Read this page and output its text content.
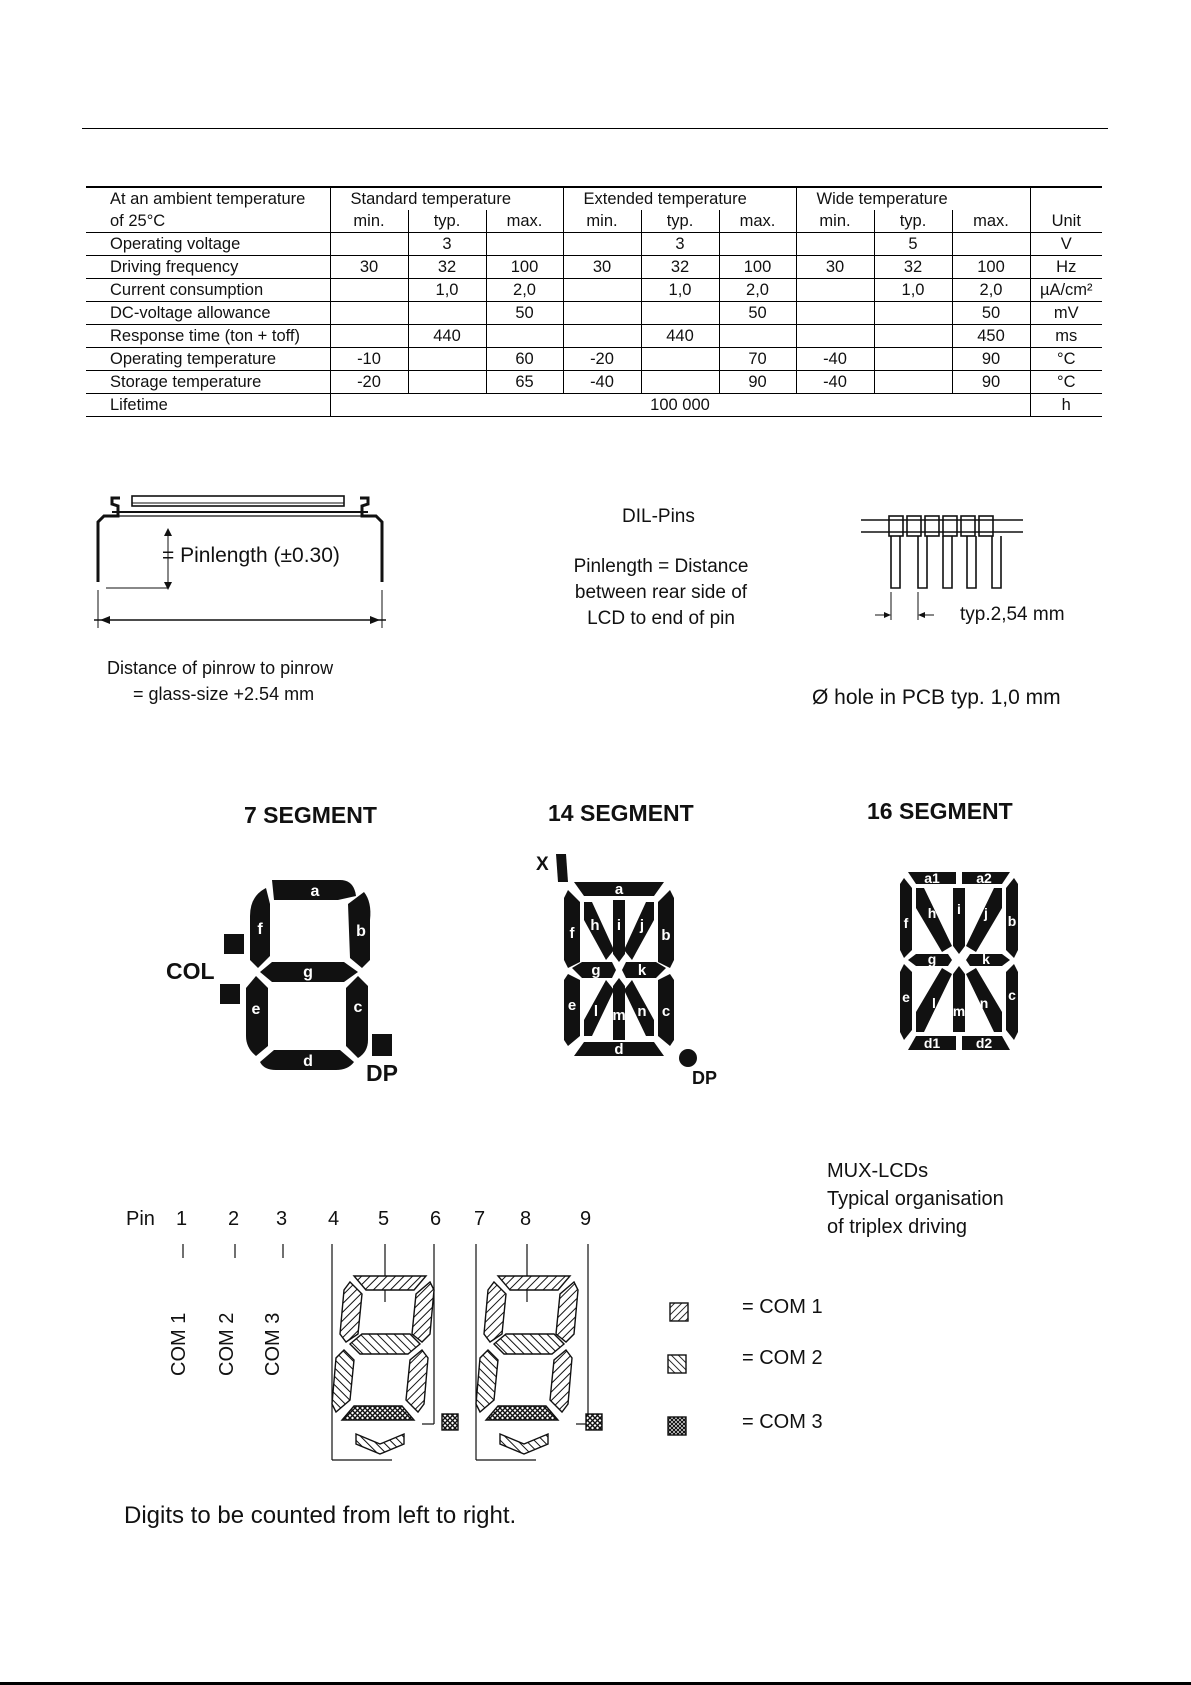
At an ambient temperature	Standard temperature			Extended temperature			Wide temperature			
of 25°C	min.	typ.	max.	min.	typ.	max.	min.	typ.	max.	Unit
Operating voltage		3			3			5		V
Driving frequency	30	32	100	30	32	100	30	32	100	Hz
Current consumption		1,0	2,0		1,0	2,0		1,0	2,0	µA/cm²
DC-voltage allowance			50			50			50	mV
Response time (ton + toff)		440			440				450	ms
Operating temperature	-10		60	-20		70	-40		90	°C
Storage temperature	-20		65	-40		90	-40		90	°C
Lifetime	100 000									h
= Pinlength (±0.30)
Distance of pinrow to pinrow
= glass-size +2.54 mm
DIL-Pins
Pinlength = Distance
between rear side of
LCD to end of pin	typ.2,54 mm
Ø hole in PCB typ. 1,0 mm
7 SEGMENT	14 SEGMENT	16 SEGMENT
a
b
c
d
e
f
g
COL
DP
a
b
c
d
e
f
g
h i j
k
l m n
X
DP
a1	a2
b
c
d1	d2
e
f
g
h i j
k
l m n
MUX-LCDs
Typical organisation
of triplex driving
Pin 1 2 3 4 5 6 7 8 9
COM 1 COM 2 COM 3
= COM 1
= COM 2
= COM 3
Digits to be counted from left to right.
